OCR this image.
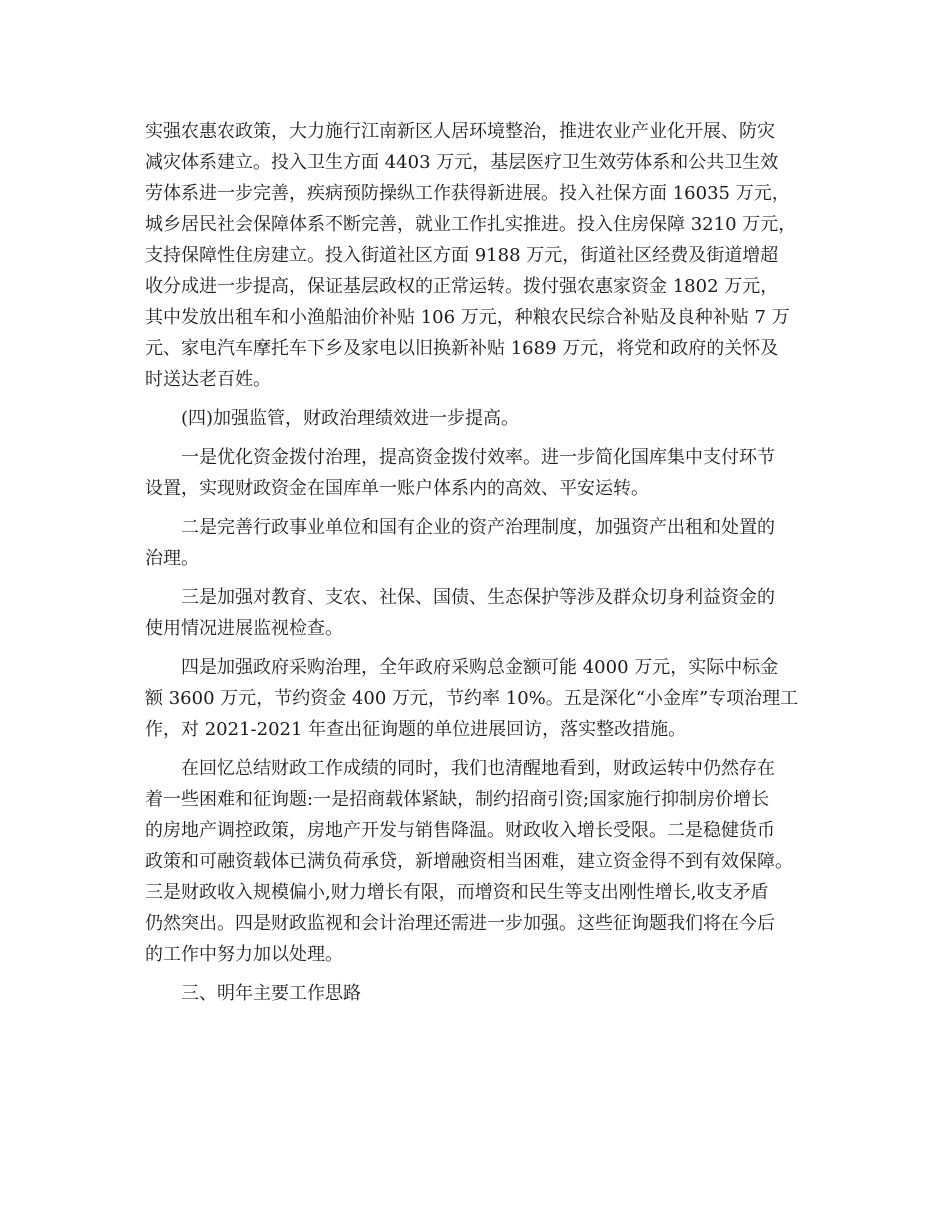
实强农惠农政策，大力施行江南新区人居环境整治，推进农业产业化开展、防灾
减灾体系建立。投入卫生方面 4403 万元，基层医疗卫生效劳体系和公共卫生效
劳体系进一步完善，疾病预防操纵工作获得新进展。投入社保方面 16035 万元，
城乡居民社会保障体系不断完善，就业工作扎实推进。投入住房保障 3210 万元，
支持保障性住房建立。投入街道社区方面 9188 万元，街道社区经费及街道增超
收分成进一步提高，保证基层政权的正常运转。拨付强农惠家资金 1802 万元，
其中发放出租车和小渔船油价补贴 106 万元，种粮农民综合补贴及良种补贴 7 万
元、家电汽车摩托车下乡及家电以旧换新补贴 1689 万元，将党和政府的关怀及
时送达老百姓。
(四)加强监管，财政治理绩效进一步提高。
一是优化资金拨付治理，提高资金拨付效率。进一步简化国库集中支付环节
设置，实现财政资金在国库单一账户体系内的高效、平安运转。
二是完善行政事业单位和国有企业的资产治理制度，加强资产出租和处置的
治理。
三是加强对教育、支农、社保、国债、生态保护等涉及群众切身利益资金的
使用情况进展监视检查。
四是加强政府采购治理，全年政府采购总金额可能 4000 万元，实际中标金
额 3600 万元，节约资金 400 万元，节约率 10%。五是深化“小金库”专项治理工
作，对 2021-2021 年查出征询题的单位进展回访，落实整改措施。
在回忆总结财政工作成绩的同时，我们也清醒地看到，财政运转中仍然存在
着一些困难和征询题:一是招商载体紧缺，制约招商引资;国家施行抑制房价增长
的房地产调控政策，房地产开发与销售降温。财政收入增长受限。二是稳健货币
政策和可融资载体已满负荷承贷，新增融资相当困难，建立资金得不到有效保障。
三是财政收入规模偏小,财力增长有限，而增资和民生等支出刚性增长,收支矛盾
仍然突出。四是财政监视和会计治理还需进一步加强。这些征询题我们将在今后
的工作中努力加以处理。
三、明年主要工作思路
